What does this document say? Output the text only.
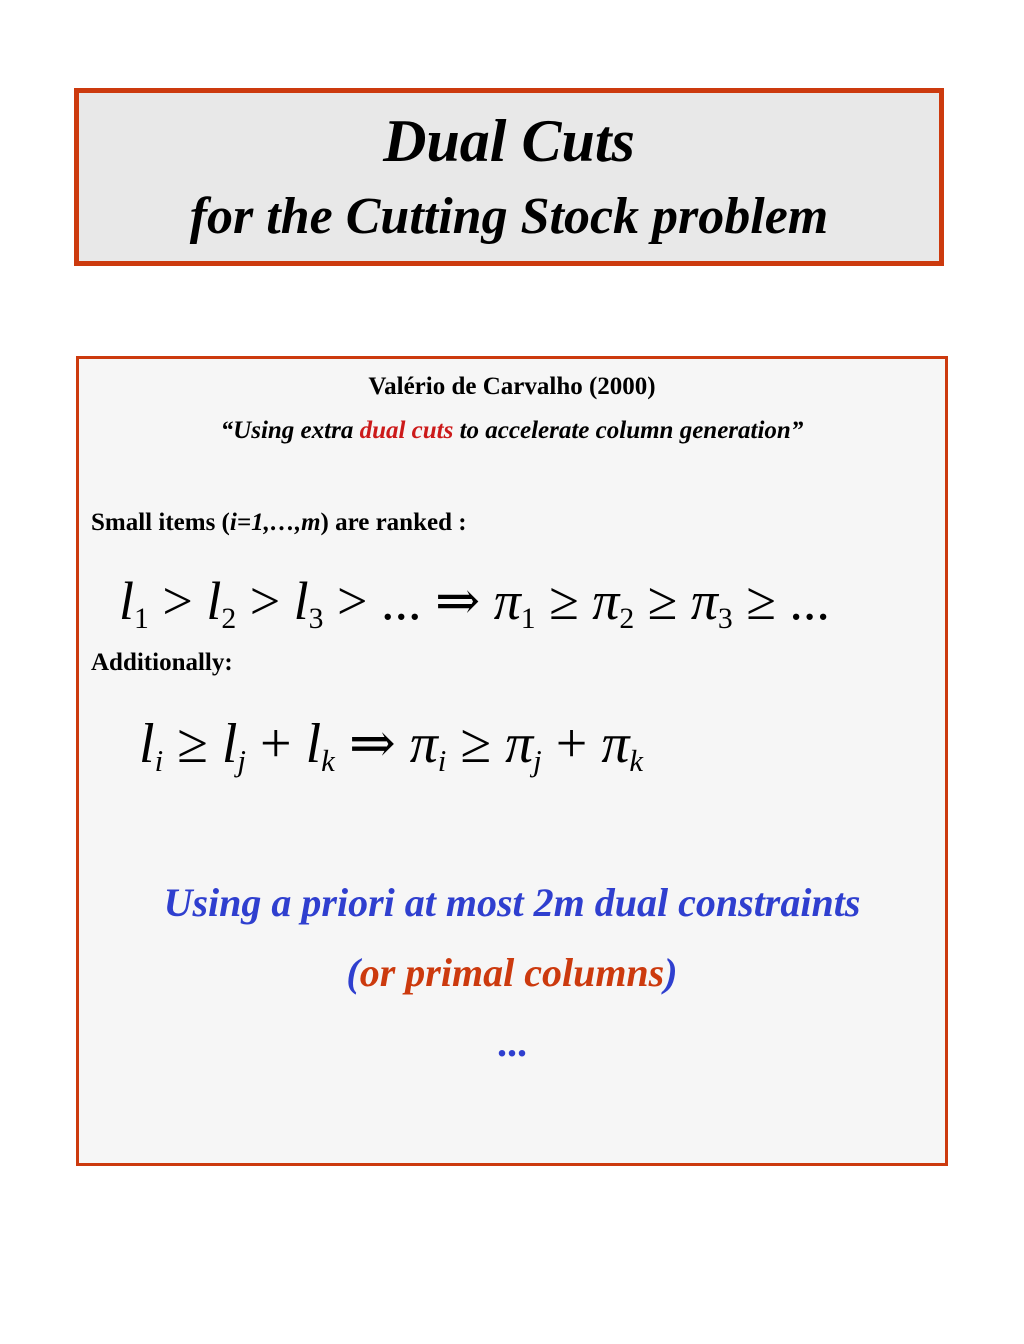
Dual Cuts
for the Cutting Stock problem
Valério de Carvalho (2000)
“Using extra dual cuts to accelerate column generation”
Small items (i=1,…,m) are ranked :
$l_1 > l_2 > l_3$ > ... ⇒ $\pi_1 \ge \pi_2 \ge \pi_3$ ≥ ...
Additionally:
$l_i \ge l_j + l_k$ ⇒ $\pi_i \ge \pi_j + \pi_k$
Using a priori at most 2m dual constraints
(or primal columns)
...
